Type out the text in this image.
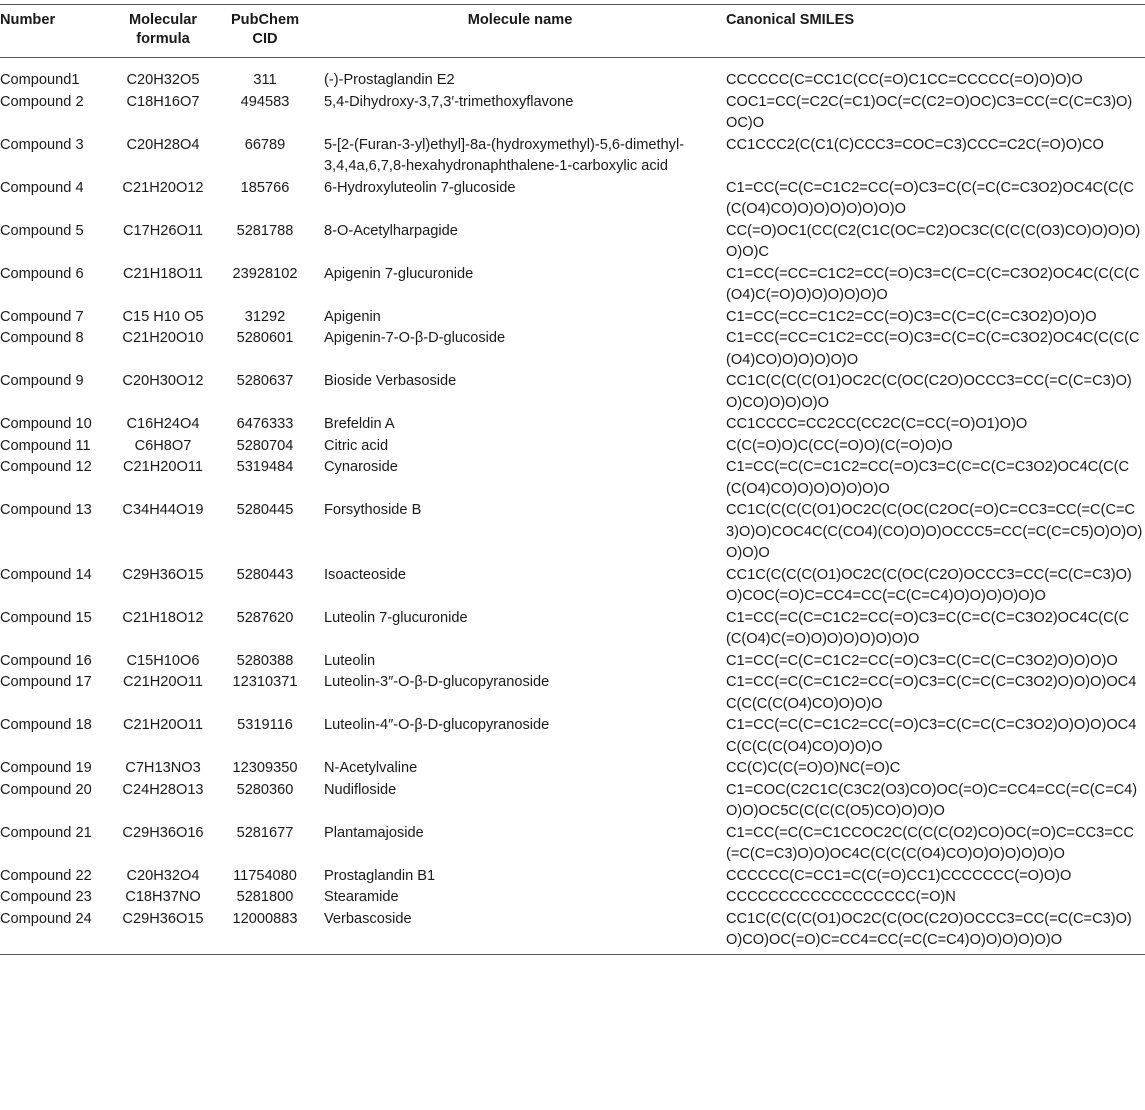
Number	Molecular formula	PubChem CID	Molecule name	Canonical SMILES
Compound1	C20H32O5	311	(-)-Prostaglandin E2	CCCCCC(C=CC1C(CC(=O)C1CC=CCCCC(=O)O)O)O
Compound 2	C18H16O7	494583	5,4-Dihydroxy-3,7,3′-trimethoxyflavone	COC1=CC(=C2C(=C1)OC(=C(C2=O)OC)C3=CC(=C(C=C3)O)OC)O
Compound 3	C20H28O4	66789	5-[2-(Furan-3-yl)ethyl]-8a-(hydroxymethyl)-5,6-dimethyl-3,4,4a,6,7,8-hexahydronaphthalene-1-carboxylic acid	CC1CCC2(C(C1(C)CCC3=COC=C3)CCC=C2C(=O)O)CO
Compound 4	C21H20O12	185766	6-Hydroxyluteolin 7-glucoside	C1=CC(=C(C=C1C2=CC(=O)C3=C(C(=C(C=C3O2)OC4C(C(C(C(O4)CO)O)O)O)O)O)O)O
Compound 5	C17H26O11	5281788	8-O-Acetylharpagide	CC(=O)OC1(CC(C2(C1C(OC=C2)OC3C(C(C(C(O3)CO)O)O)O)O)O)C
Compound 6	C21H18O11	23928102	Apigenin 7-glucuronide	C1=CC(=CC=C1C2=CC(=O)C3=C(C=C(C=C3O2)OC4C(C(C(C(O4)C(=O)O)O)O)O)O)O
Compound 7	C15 H10 O5	31292	Apigenin	C1=CC(=CC=C1C2=CC(=O)C3=C(C=C(C=C3O2)O)O)O
Compound 8	C21H20O10	5280601	Apigenin-7-O-β-D-glucoside	C1=CC(=CC=C1C2=CC(=O)C3=C(C=C(C=C3O2)OC4C(C(C(C(O4)CO)O)O)O)O)O
Compound 9	C20H30O12	5280637	Bioside Verbasoside	CC1C(C(C(C(O1)OC2C(C(OC(C2O)OCCC3=CC(=C(C=C3)O)O)CO)O)O)O)O
Compound 10	C16H24O4	6476333	Brefeldin A	CC1CCCC=CC2CC(CC2C(C=CC(=O)O1)O)O
Compound 11	C6H8O7	5280704	Citric acid	C(C(=O)O)C(CC(=O)O)(C(=O)O)O
Compound 12	C21H20O11	5319484	Cynaroside	C1=CC(=C(C=C1C2=CC(=O)C3=C(C=C(C=C3O2)OC4C(C(C(C(O4)CO)O)O)O)O)O)O
Compound 13	C34H44O19	5280445	Forsythoside B	CC1C(C(C(C(O1)OC2C(C(OC(C2OC(=O)C=CC3=CC(=C(C=C3)O)O)COC4C(C(CO4)(CO)O)O)OCCC5=CC(=C(C=C5)O)O)O)O)O)O
Compound 14	C29H36O15	5280443	Isoacteoside	CC1C(C(C(C(O1)OC2C(C(OC(C2O)OCCC3=CC(=C(C=C3)O)O)COC(=O)C=CC4=CC(=C(C=C4)O)O)O)O)O)O
Compound 15	C21H18O12	5287620	Luteolin 7-glucuronide	C1=CC(=C(C=C1C2=CC(=O)C3=C(C=C(C=C3O2)OC4C(C(C(C(O4)C(=O)O)O)O)O)O)O)O
Compound 16	C15H10O6	5280388	Luteolin	C1=CC(=C(C=C1C2=CC(=O)C3=C(C=C(C=C3O2)O)O)O)O
Compound 17	C21H20O11	12310371	Luteolin-3″-O-β-D-glucopyranoside	C1=CC(=C(C=C1C2=CC(=O)C3=C(C=C(C=C3O2)O)O)O)OC4C(C(C(C(O4)CO)O)O)O
Compound 18	C21H20O11	5319116	Luteolin-4″-O-β-D-glucopyranoside	C1=CC(=C(C=C1C2=CC(=O)C3=C(C=C(C=C3O2)O)O)O)OC4C(C(C(C(O4)CO)O)O)O
Compound 19	C7H13NO3	12309350	N-Acetylvaline	CC(C)C(C(=O)O)NC(=O)C
Compound 20	C24H28O13	5280360	Nudifloside	C1=COC(C2C1C(C3C2(O3)CO)OC(=O)C=CC4=CC(=C(C=C4)O)O)OC5C(C(C(C(O5)CO)O)O)O
Compound 21	C29H36O16	5281677	Plantamajoside	C1=CC(=C(C=C1CCOC2C(C(C(C(O2)CO)OC(=O)C=CC3=CC(=C(C=C3)O)O)OC4C(C(C(C(O4)CO)O)O)O)O)O)O
Compound 22	C20H32O4	11754080	Prostaglandin B1	CCCCCC(C=CC1=C(C(=O)CC1)CCCCCCC(=O)O)O
Compound 23	C18H37NO	5281800	Stearamide	CCCCCCCCCCCCCCCCCC(=O)N
Compound 24	C29H36O15	12000883	Verbascoside	CC1C(C(C(C(O1)OC2C(C(OC(C2O)OCCC3=CC(=C(C=C3)O)O)CO)OC(=O)C=CC4=CC(=C(C=C4)O)O)O)O)O)O
